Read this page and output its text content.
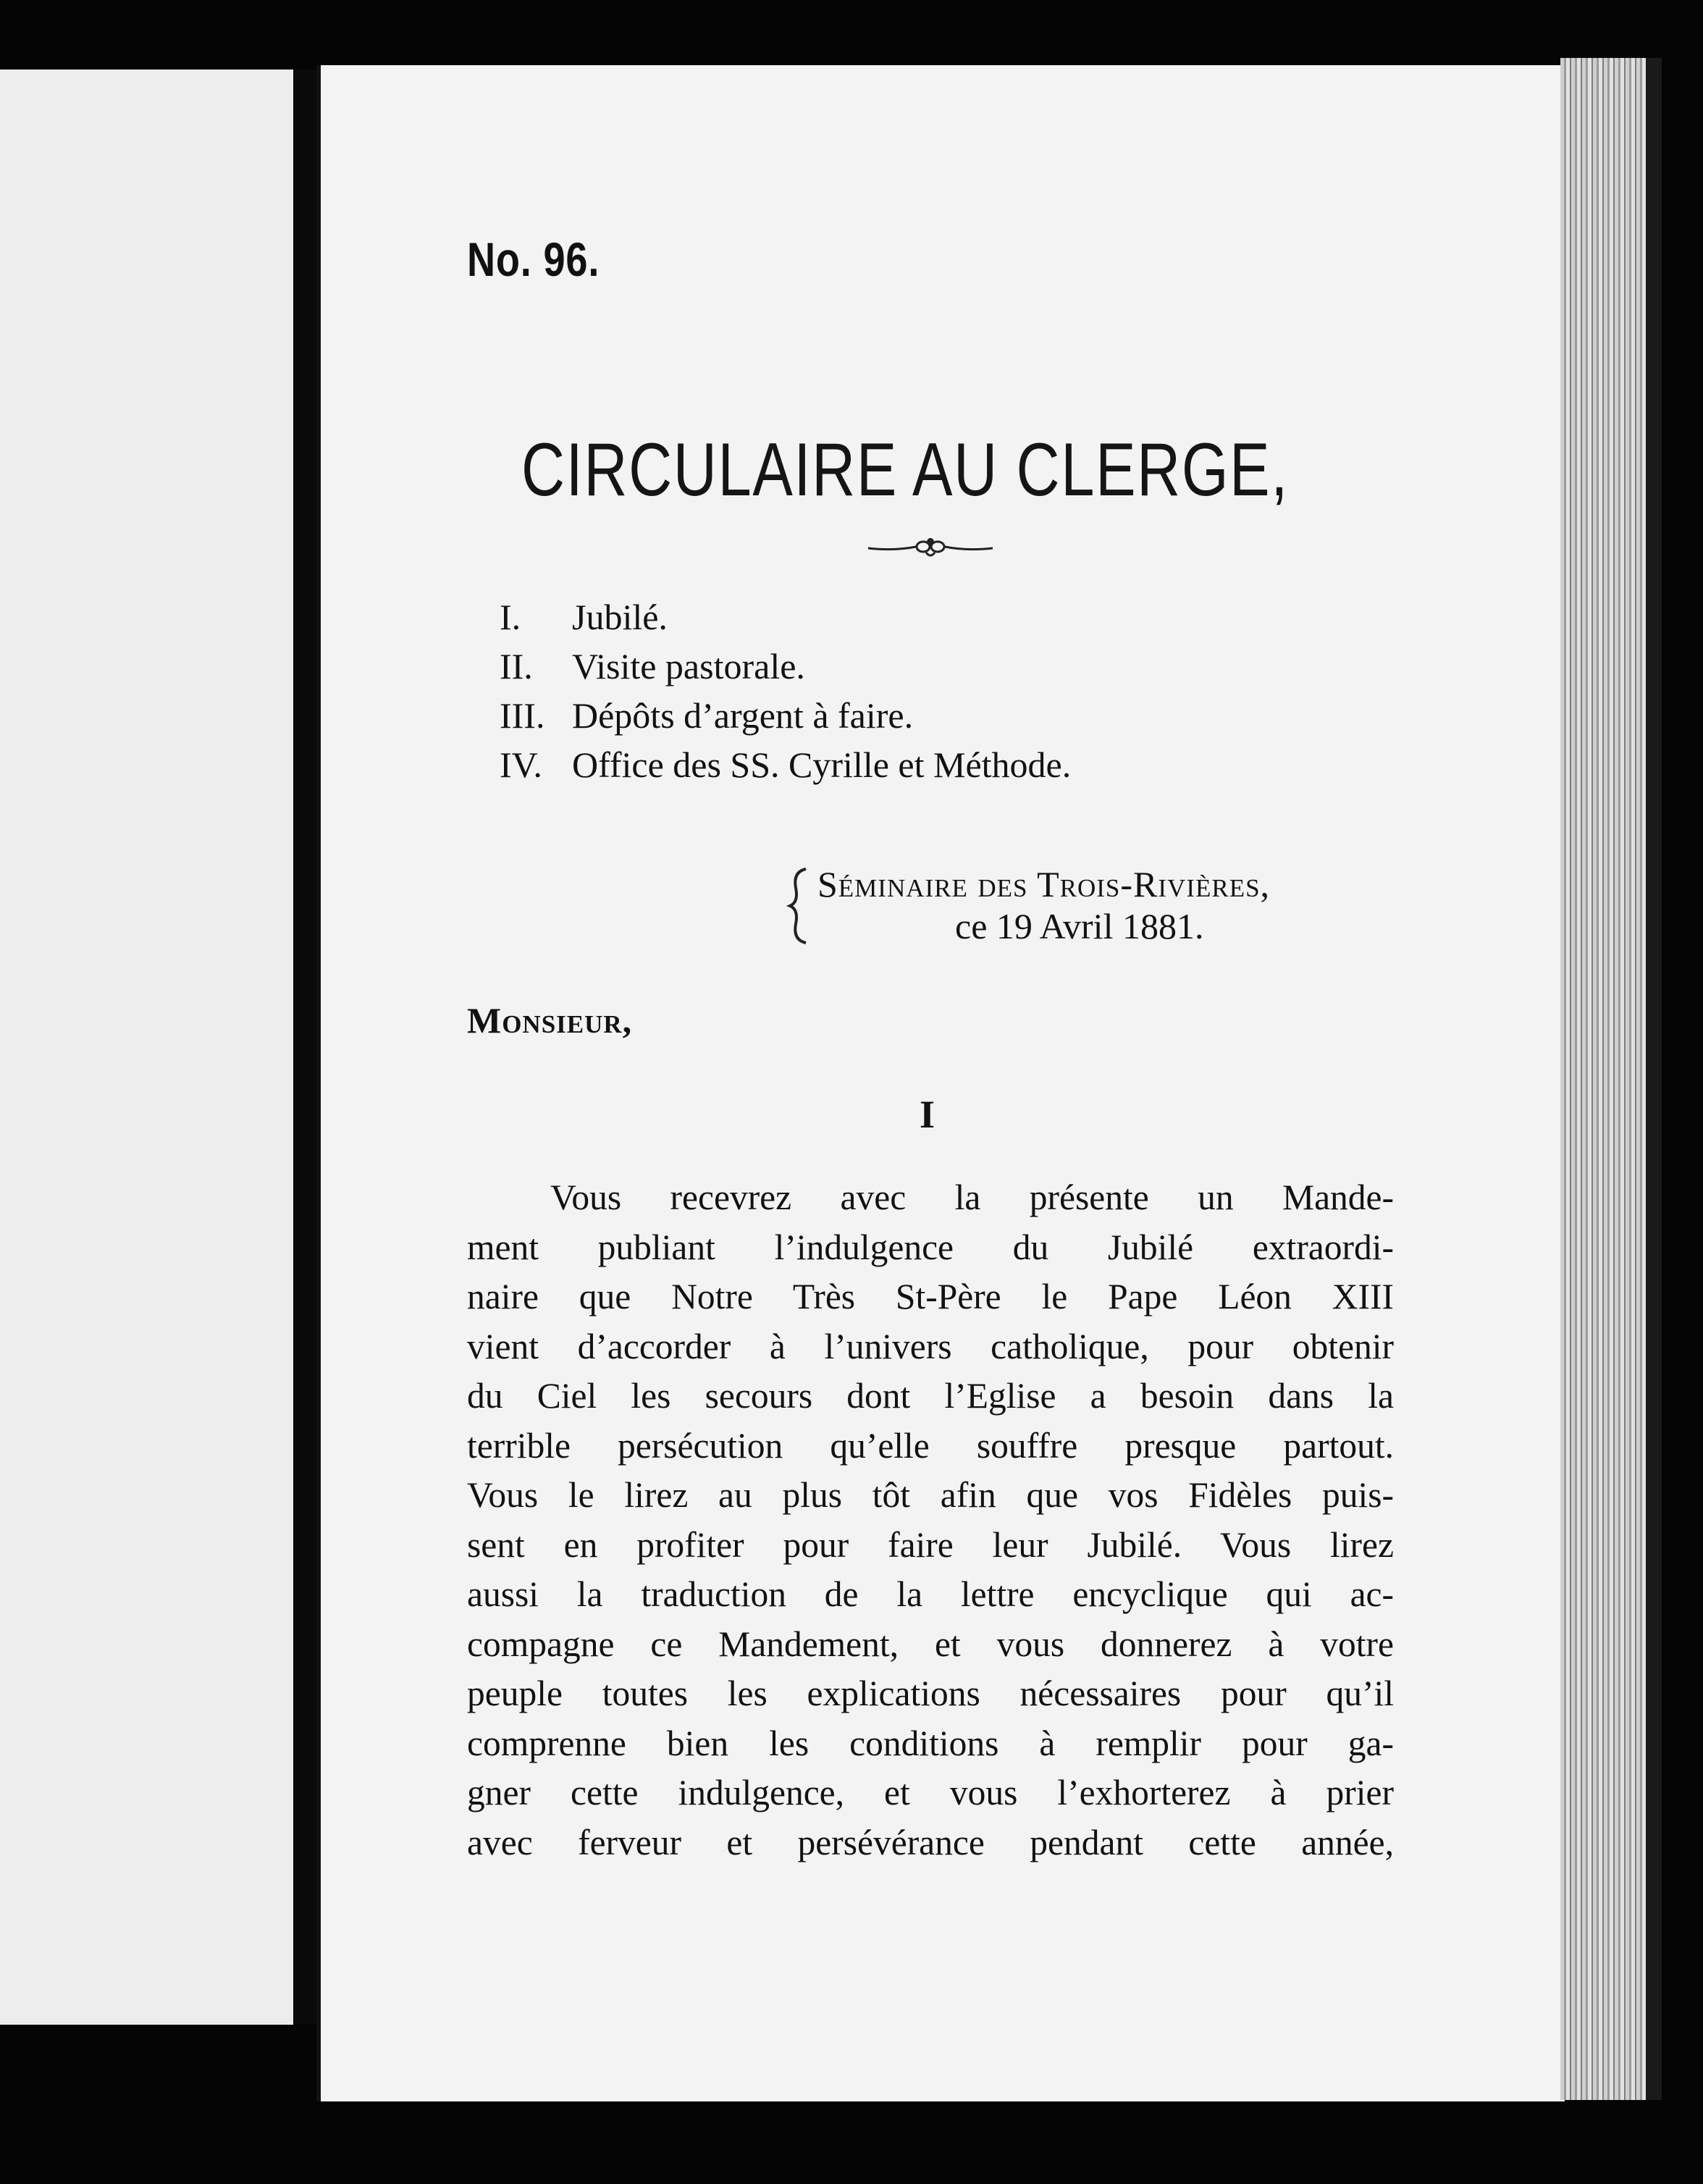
No. 96.
CIRCULAIRE AU CLERGE,
I. Jubilé.
II. Visite pastorale.
III. Dépôts d’argent à faire.
IV. Office des SS. Cyrille et Méthode.
Séminaire des Trois-Rivières,
ce 19 Avril 1881.
Monsieur,
I
Vous recevrez avec la présente un Mande-
ment publiant l’indulgence du Jubilé extraordi-
naire que Notre Très St-Père le Pape Léon XIII
vient d’accorder à l’univers catholique, pour obtenir
du Ciel les secours dont l’Eglise a besoin dans la
terrible persécution qu’elle souffre presque partout.
Vous le lirez au plus tôt afin que vos Fidèles puis-
sent en profiter pour faire leur Jubilé. Vous lirez
aussi la traduction de la lettre encyclique qui ac-
compagne ce Mandement, et vous donnerez à votre
peuple toutes les explications nécessaires pour qu’il
comprenne bien les conditions à remplir pour ga-
gner cette indulgence, et vous l’exhorterez à prier
avec ferveur et persévérance pendant cette année,
